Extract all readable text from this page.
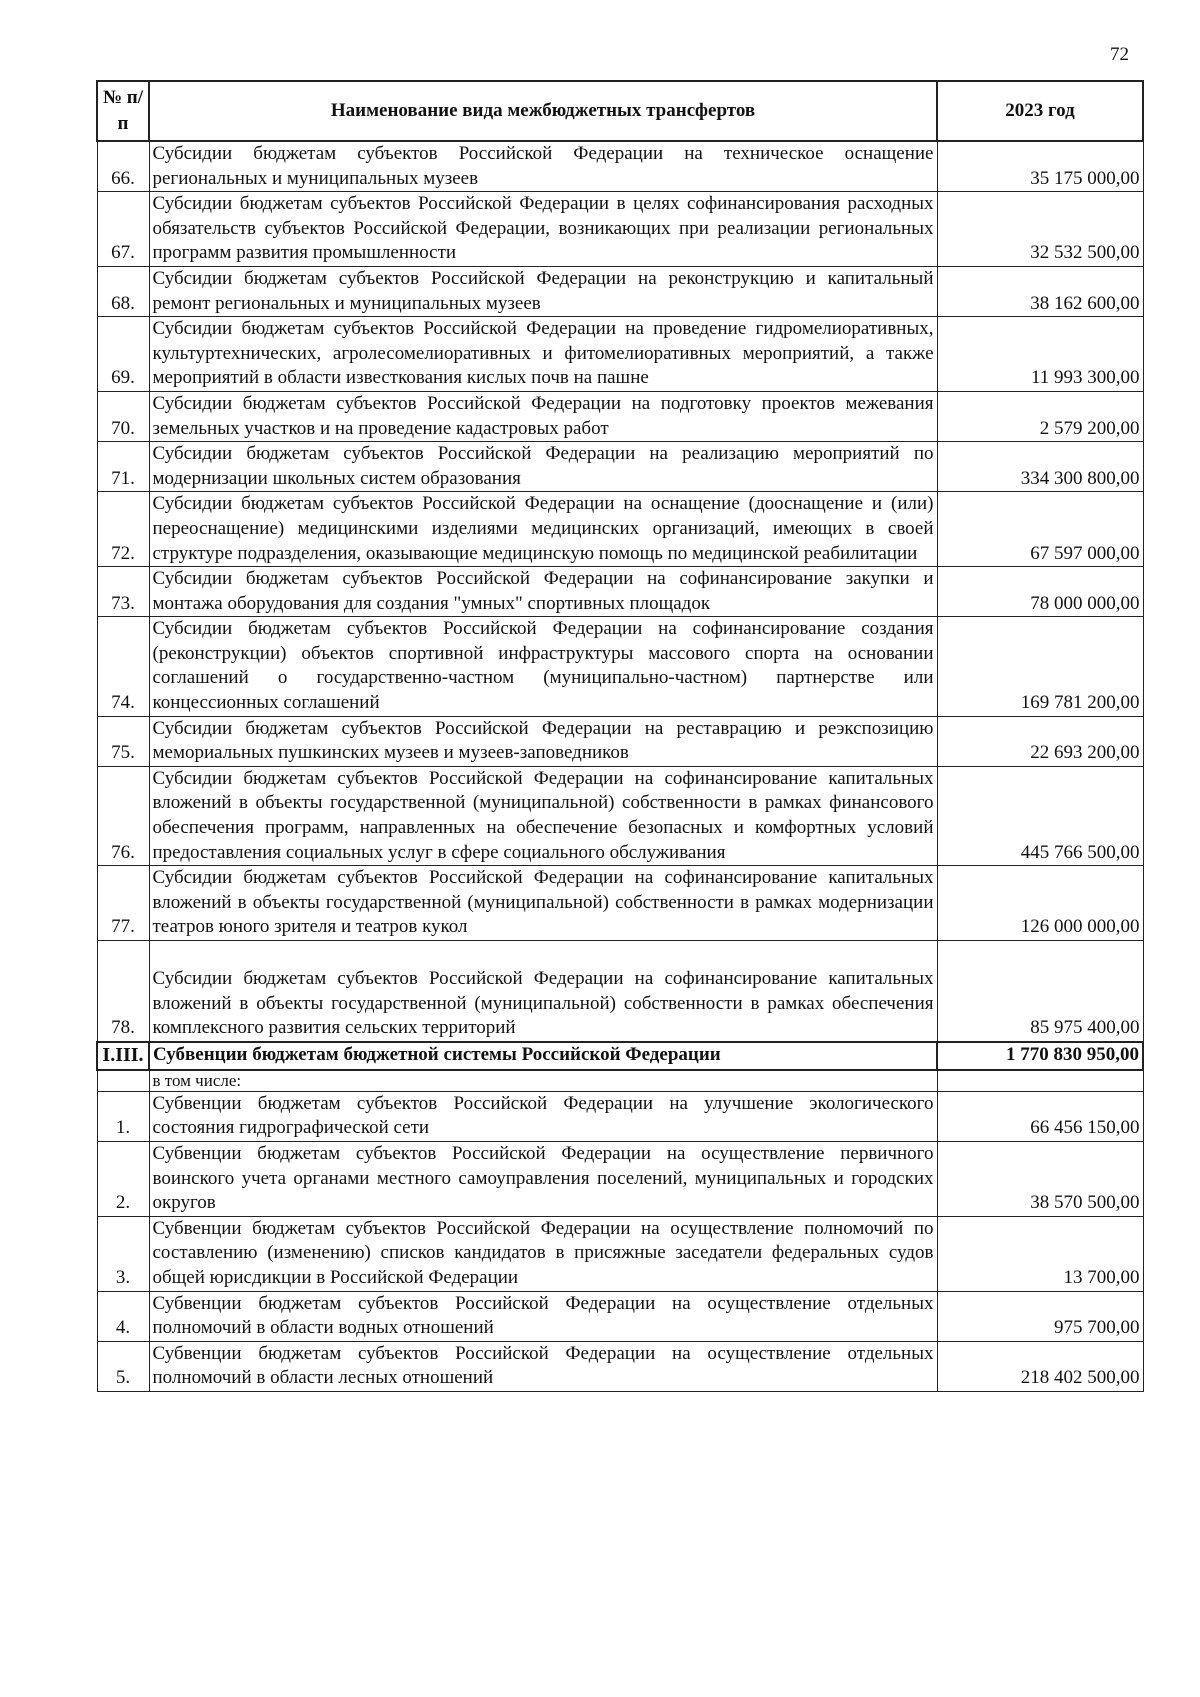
72
№ п/п	Наименование вида межбюджетных трансфертов	2023 год
66.	Субсидии бюджетам субъектов Российской Федерации на техническое оснащение региональных и муниципальных музеев	35 175 000,00
67.	Субсидии бюджетам субъектов Российской Федерации в целях софинансирования расходных обязательств субъектов Российской Федерации, возникающих при реализации региональных программ развития промышленности	32 532 500,00
68.	Субсидии бюджетам субъектов Российской Федерации на реконструкцию и капитальный ремонт региональных и муниципальных музеев	38 162 600,00
69.	Субсидии бюджетам субъектов Российской Федерации на проведение гидромелиоративных, культуртехнических, агролесомелиоративных и фитомелиоративных мероприятий, а также мероприятий в области известкования кислых почв на пашне	11 993 300,00
70.	Субсидии бюджетам субъектов Российской Федерации на подготовку проектов межевания земельных участков и на проведение кадастровых работ	2 579 200,00
71.	Субсидии бюджетам субъектов Российской Федерации на реализацию мероприятий по модернизации школьных систем образования	334 300 800,00
72.	Субсидии бюджетам субъектов Российской Федерации на оснащение (дооснащение и (или) переоснащение) медицинскими изделиями медицинских организаций, имеющих в своей структуре подразделения, оказывающие медицинскую помощь по медицинской реабилитации	67 597 000,00
73.	Субсидии бюджетам субъектов Российской Федерации на софинансирование закупки и монтажа оборудования для создания "умных" спортивных площадок	78 000 000,00
74.	Субсидии бюджетам субъектов Российской Федерации на софинансирование создания (реконструкции) объектов спортивной инфраструктуры массового спорта на основании соглашений о государственно-частном (муниципально-частном) партнерстве или концессионных соглашений	169 781 200,00
75.	Субсидии бюджетам субъектов Российской Федерации на реставрацию и реэкспозицию мемориальных пушкинских музеев и музеев-заповедников	22 693 200,00
76.	Субсидии бюджетам субъектов Российской Федерации на софинансирование капитальных вложений в объекты государственной (муниципальной) собственности в рамках финансового обеспечения программ, направленных на обеспечение безопасных и комфортных условий предоставления социальных услуг в сфере социального обслуживания	445 766 500,00
77.	Субсидии бюджетам субъектов Российской Федерации на софинансирование капитальных вложений в объекты государственной (муниципальной) собственности в рамках модернизации театров юного зрителя и театров кукол	126 000 000,00
78.	Субсидии бюджетам субъектов Российской Федерации на софинансирование капитальных вложений в объекты государственной (муниципальной) собственности в рамках обеспечения комплексного развития сельских территорий	85 975 400,00
I.III.	Субвенции бюджетам бюджетной системы Российской Федерации	1 770 830 950,00
	в том числе:	
1.	Субвенции бюджетам субъектов Российской Федерации на улучшение экологического состояния гидрографической сети	66 456 150,00
2.	Субвенции бюджетам субъектов Российской Федерации на осуществление первичного воинского учета органами местного самоуправления поселений, муниципальных и городских округов	38 570 500,00
3.	Субвенции бюджетам субъектов Российской Федерации на осуществление полномочий по составлению (изменению) списков кандидатов в присяжные заседатели федеральных судов общей юрисдикции в Российской Федерации	13 700,00
4.	Субвенции бюджетам субъектов Российской Федерации на осуществление отдельных полномочий в области водных отношений	975 700,00
5.	Субвенции бюджетам субъектов Российской Федерации на осуществление отдельных полномочий в области лесных отношений	218 402 500,00
